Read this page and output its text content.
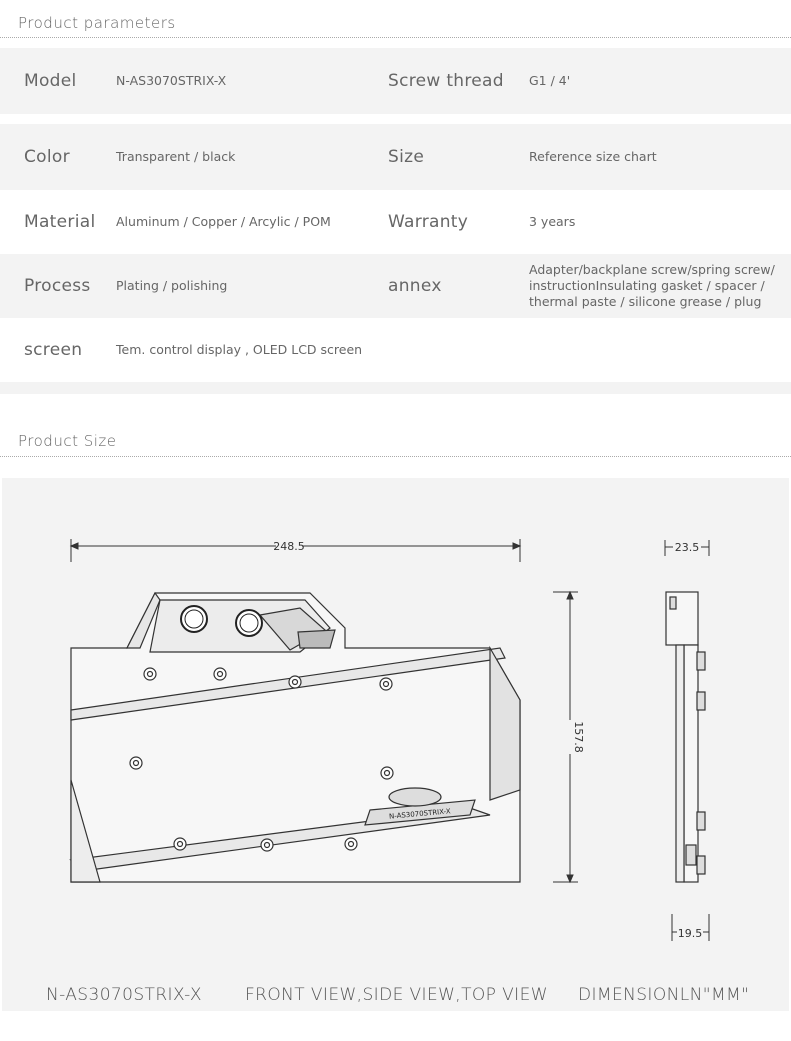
Product parameters
Model	N-AS3070STRIX-X	Screw thread G1 / 4'
Color	Transparent / black	Size	Reference size chart
Material Aluminum / Copper / Arcylic / POM	Warranty	3 years
Process Plating / polishing	annex
Adapter/backplane screw/spring screw/
instructionInsulating gasket / spacer /
thermal paste / silicone grease / plug
screen	Tem. control display , OLED LCD screen
Product Size
248.5
157.8
N-AS3070STRIX-X
23.5
19.5
N-AS3070STRIX-X	FRONT VIEW,SIDE VIEW,TOP VIEW DIMENSIONLN"MM"
